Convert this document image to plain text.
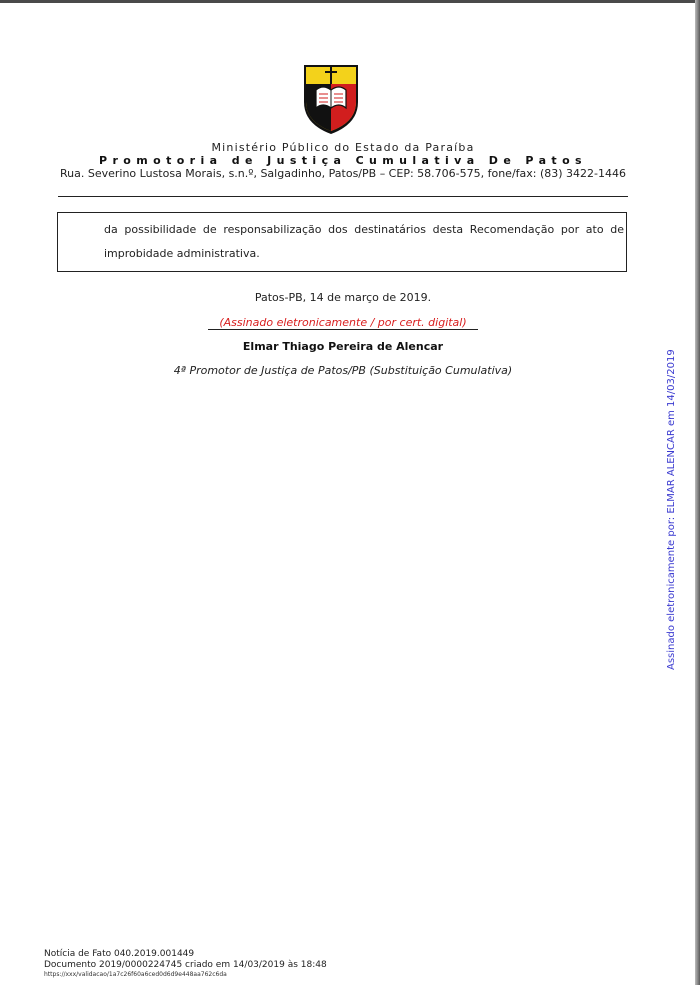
Ministério Público do Estado da Paraíba
Promotoria de Justiça Cumulativa De Patos
Rua. Severino Lustosa Morais, s.n.º, Salgadinho, Patos/PB – CEP: 58.706-575, fone/fax: (83) 3422-1446
da possibilidade de responsabilização dos destinatários desta Recomendação por ato de improbidade administrativa.
Patos-PB, 14 de março de 2019.
(Assinado eletronicamente / por cert. digital)
Elmar Thiago Pereira de Alencar
4ª Promotor de Justiça de Patos/PB (Substituição Cumulativa)	Assinado eletronicamente por: ELMAR ALENCAR em 14/03/2019
Notícia de Fato 040.2019.001449
Documento 2019/0000224745 criado em 14/03/2019 às 18:48
https://xxx/validacao/1a7c26f60a6ced0d6d9e448aa762c6da
